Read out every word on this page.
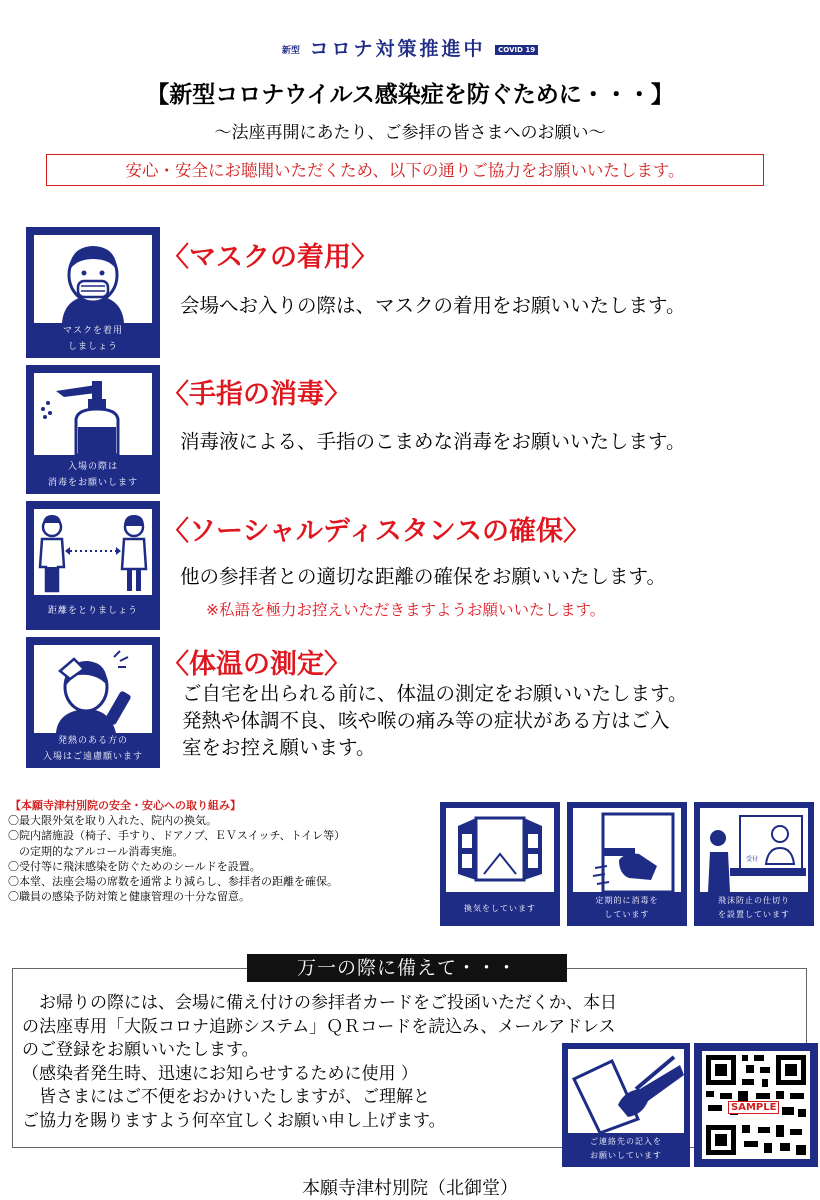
新型 コロナ対策推進中 COVID 19
【新型コロナウイルス感染症を防ぐために・・・】
～法座再開にあたり、ご参拝の皆さまへのお願い～
安心・安全にお聴聞いただくため、以下の通りご協力をお願いいたします。
マスクを着用
しましょう
〈マスクの着用〉
会場へお入りの際は、マスクの着用をお願いいたします。
入場の際は
消毒をお願いします
〈手指の消毒〉
消毒液による、手指のこまめな消毒をお願いいたします。
距離をとりましょう
〈ソーシャルディスタンスの確保〉
他の参拝者との適切な距離の確保をお願いいたします。
※私語を極力お控えいただきますようお願いいたします。
発熱のある方の
入場はご遠慮願います
〈体温の測定〉
ご自宅を出られる前に、体温の測定をお願いいたします。
発熱や体調不良、咳や喉の痛み等の症状がある方はご入
室をお控え願います。
【本願寺津村別院の安全・安心への取り組み】
〇最大限外気を取り入れた、院内の換気。
〇院内諸施設（椅子、手すり、ドアノブ、ＥＶスイッチ、トイレ等）
　の定期的なアルコール消毒実施。
〇受付等に飛沫感染を防ぐためのシールドを設置。
〇本堂、法座会場の席数を通常より減らし、参拝者の距離を確保。
〇職員の感染予防対策と健康管理の十分な留意。
換気をしています
定期的に消毒を
しています
受付
飛沫防止の仕切り
を設置しています
万一の際に備えて・・・
　お帰りの際には、会場に備え付けの参拝者カードをご投函いただくか、本日
の法座専用「大阪コロナ追跡システム」ＱＲコードを読込み、メールアドレス
のご登録をお願いいたします。
（感染者発生時、迅速にお知らせするために使用 ）
　皆さまにはご不便をおかけいたしますが、ご理解と
ご協力を賜りますよう何卒宜しくお願い申し上げます。
ご連絡先の記入を
お願いしています
SAMPLE
本願寺津村別院（北御堂）
